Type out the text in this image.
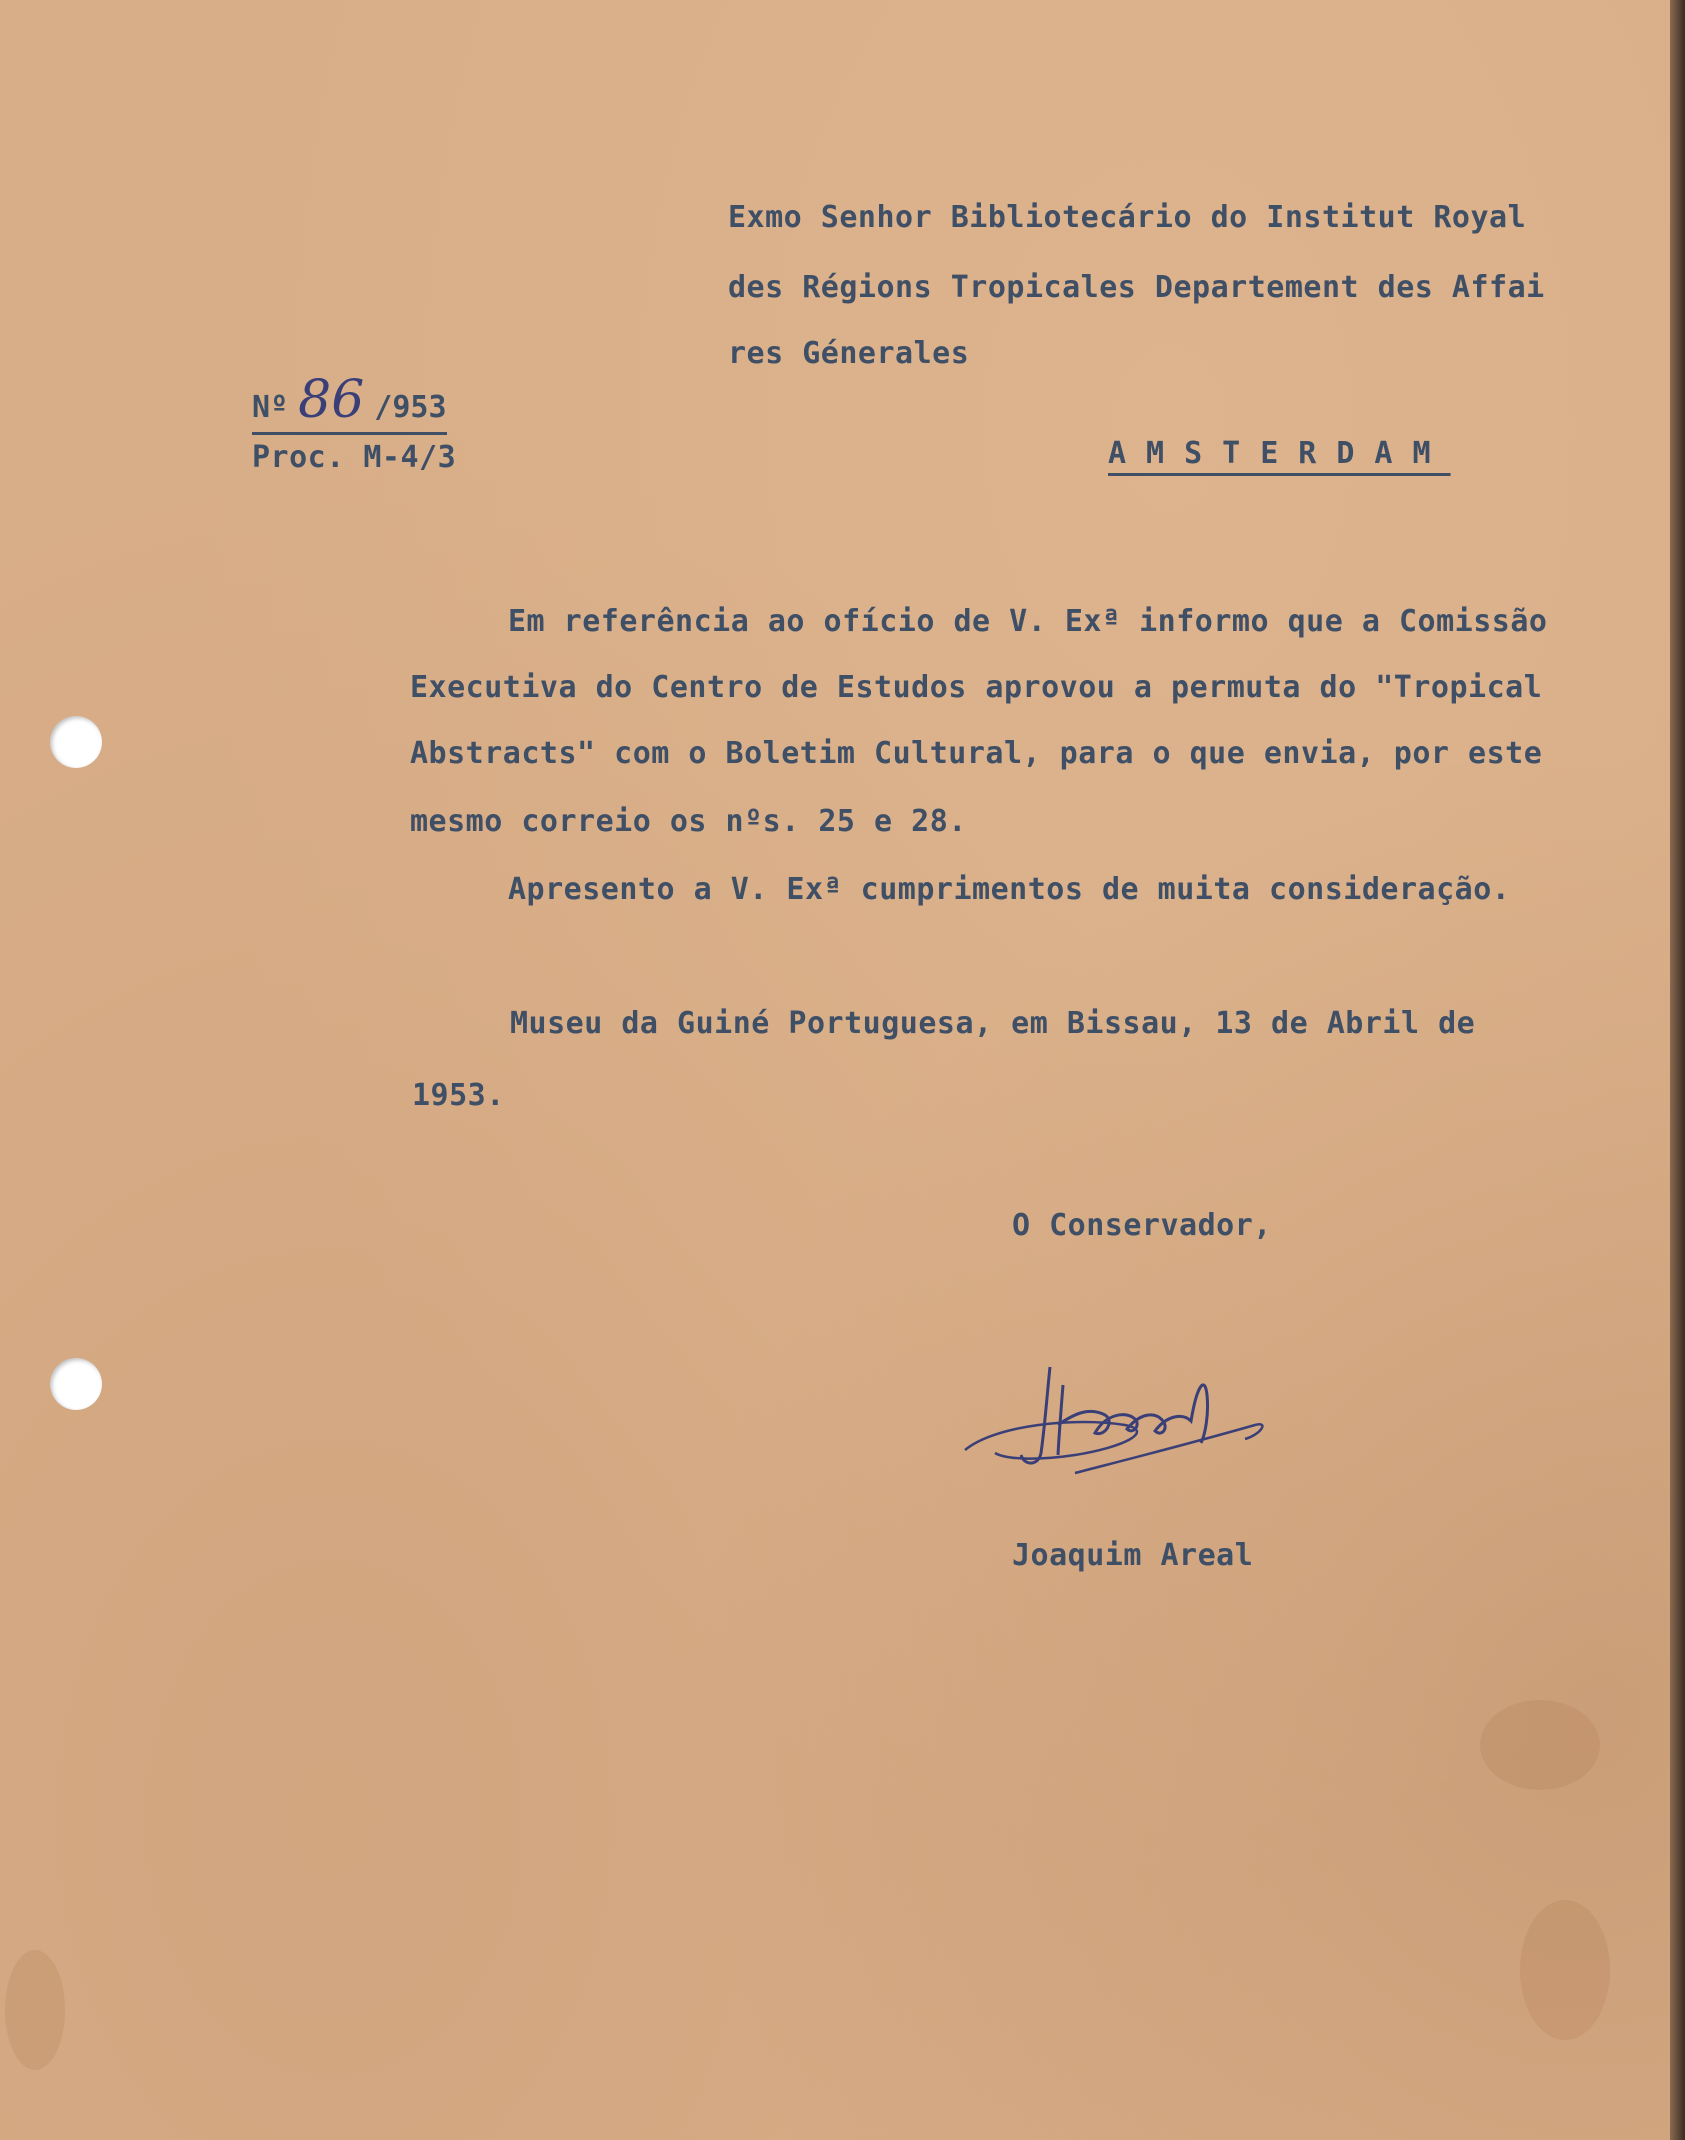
Nº 86 /953
Proc. M-4/3
Exmo Senhor Bibliotecário do Institut Royal
des Régions Tropicales Departement des Affai
res Génerales
AMSTERDAM
Em referência ao ofício de V. Exª informo que a Comissão
Executiva do Centro de Estudos aprovou a permuta do "Tropical
Abstracts" com o Boletim Cultural, para o que envia, por este
mesmo correio os nºs. 25 e 28.
Apresento a V. Exª cumprimentos de muita consideração.
Museu da Guiné Portuguesa, em Bissau, 13 de Abril de
1953.
O Conservador,
Joaquim Areal
